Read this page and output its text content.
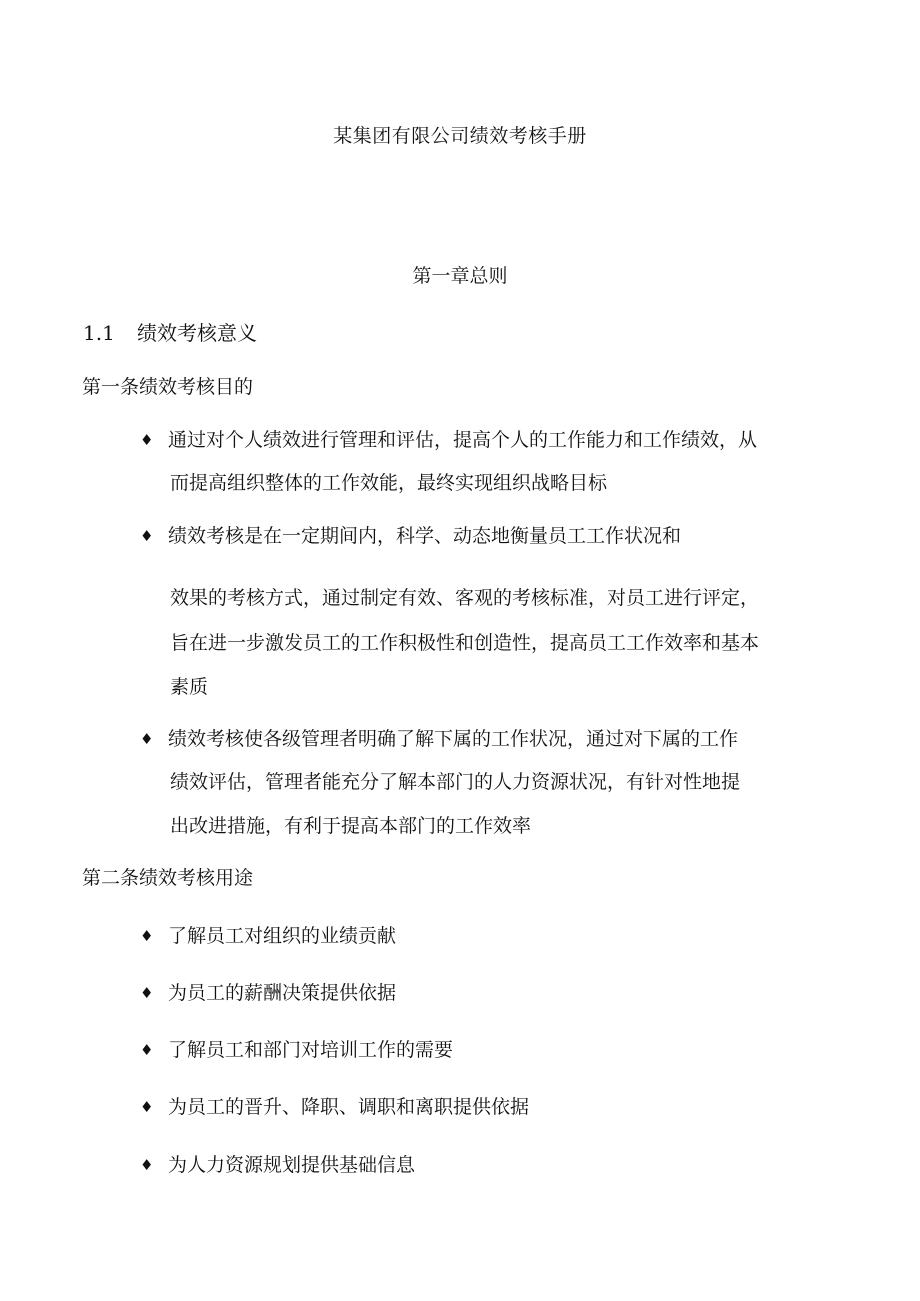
某集团有限公司绩效考核手册
第一章总则
1.1 绩效考核意义
第一条绩效考核目的
♦ 通过对个人绩效进行管理和评估，提高个人的工作能力和工作绩效，从
而提高组织整体的工作效能，最终实现组织战略目标
♦ 绩效考核是在一定期间内，科学、动态地衡量员工工作状况和
效果的考核方式，通过制定有效、客观的考核标准，对员工进行评定，
旨在进一步激发员工的工作积极性和创造性，提高员工工作效率和基本
素质
♦ 绩效考核使各级管理者明确了解下属的工作状况，通过对下属的工作
绩效评估，管理者能充分了解本部门的人力资源状况，有针对性地提
出改进措施，有利于提高本部门的工作效率
第二条绩效考核用途
♦ 了解员工对组织的业绩贡献
♦ 为员工的薪酬决策提供依据
♦ 了解员工和部门对培训工作的需要
♦ 为员工的晋升、降职、调职和离职提供依据
♦ 为人力资源规划提供基础信息
